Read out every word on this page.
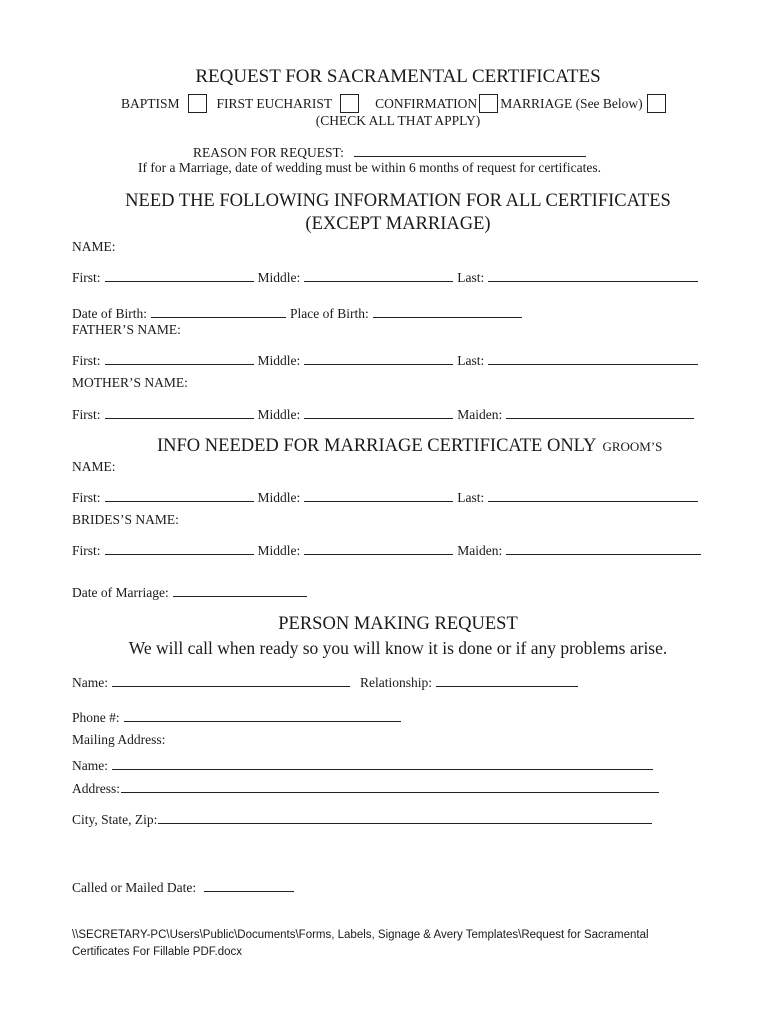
REQUEST FOR SACRAMENTAL CERTIFICATES
BAPTISM	FIRST EUCHARIST	CONFIRMATION MARRIAGE (See Below)
(CHECK ALL THAT APPLY)
REASON FOR REQUEST:
If for a Marriage, date of wedding must be within 6 months of request for certificates.
NEED THE FOLLOWING INFORMATION FOR ALL CERTIFICATES
(EXCEPT MARRIAGE)
NAME:
First:	Middle:	Last:
Date of Birth:	Place of Birth:
FATHER’S NAME:
First:	Middle:	Last:
MOTHER’S NAME:
First:	Middle:	Maiden:
INFO NEEDED FOR MARRIAGE CERTIFICATE ONLY GROOM’S
NAME:
First:	Middle:	Last:
BRIDES’S NAME:
First:	Middle:	Maiden:
Date of Marriage:
PERSON MAKING REQUEST
We will call when ready so you will know it is done or if any problems arise.
Name:	Relationship:
Phone #:
Mailing Address:
Name:
Address:
City, State, Zip:
Called or Mailed Date:
\\SECRETARY-PC\Users\Public\Documents\Forms, Labels, Signage & Avery Templates\Request for Sacramental
Certificates For Fillable PDF.docx
